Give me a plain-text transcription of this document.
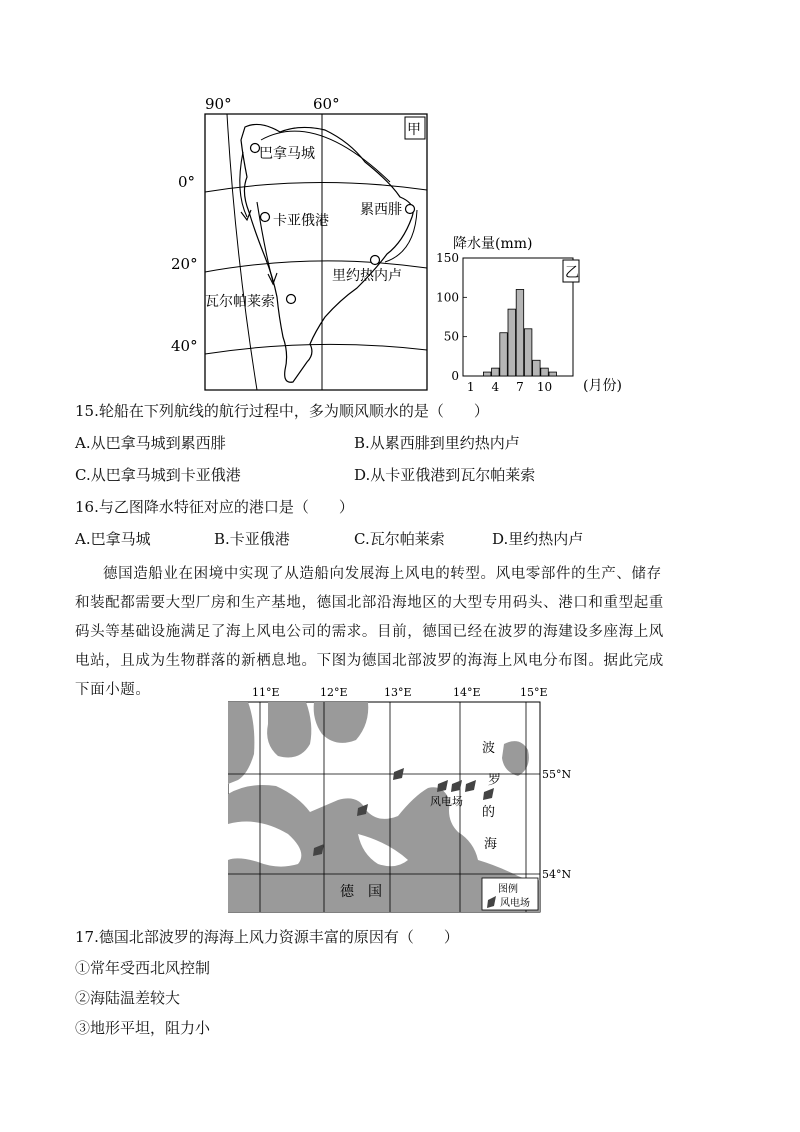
90°	60°
0°
20°
40°
巴拿马城
卡亚俄港
累西腓
里约热内卢
瓦尔帕莱索
甲
降水量(mm)
乙
0
50
100
150
1 4 7 10 (月份)
15.轮船在下列航线的航行过程中，多为顺风顺水的是（　　）
A.从巴拿马城到累西腓	B.从累西腓到里约热内卢
C.从巴拿马城到卡亚俄港	D.从卡亚俄港到瓦尔帕莱索
16.与乙图降水特征对应的港口是（　　）
A.巴拿马城	B.卡亚俄港	C.瓦尔帕莱索	D.里约热内卢
德国造船业在困境中实现了从造船向发展海上风电的转型。风电零部件的生产、储存
和装配都需要大型厂房和生产基地，德国北部沿海地区的大型专用码头、港口和重型起重
码头等基础设施满足了海上风电公司的需求。目前，德国已经在波罗的海建设多座海上风
电站，且成为生物群落的新栖息地。下图为德国北部波罗的海海上风电分布图。据此完成
下面小题。	11°E	12°E	13°E	14°E	15°E
风电场
波
罗
的
海
55°N
54°N
德　国	图例
风电场
17.德国北部波罗的海海上风力资源丰富的原因有（　　）
①常年受西北风控制
②海陆温差较大
③地形平坦，阻力小
